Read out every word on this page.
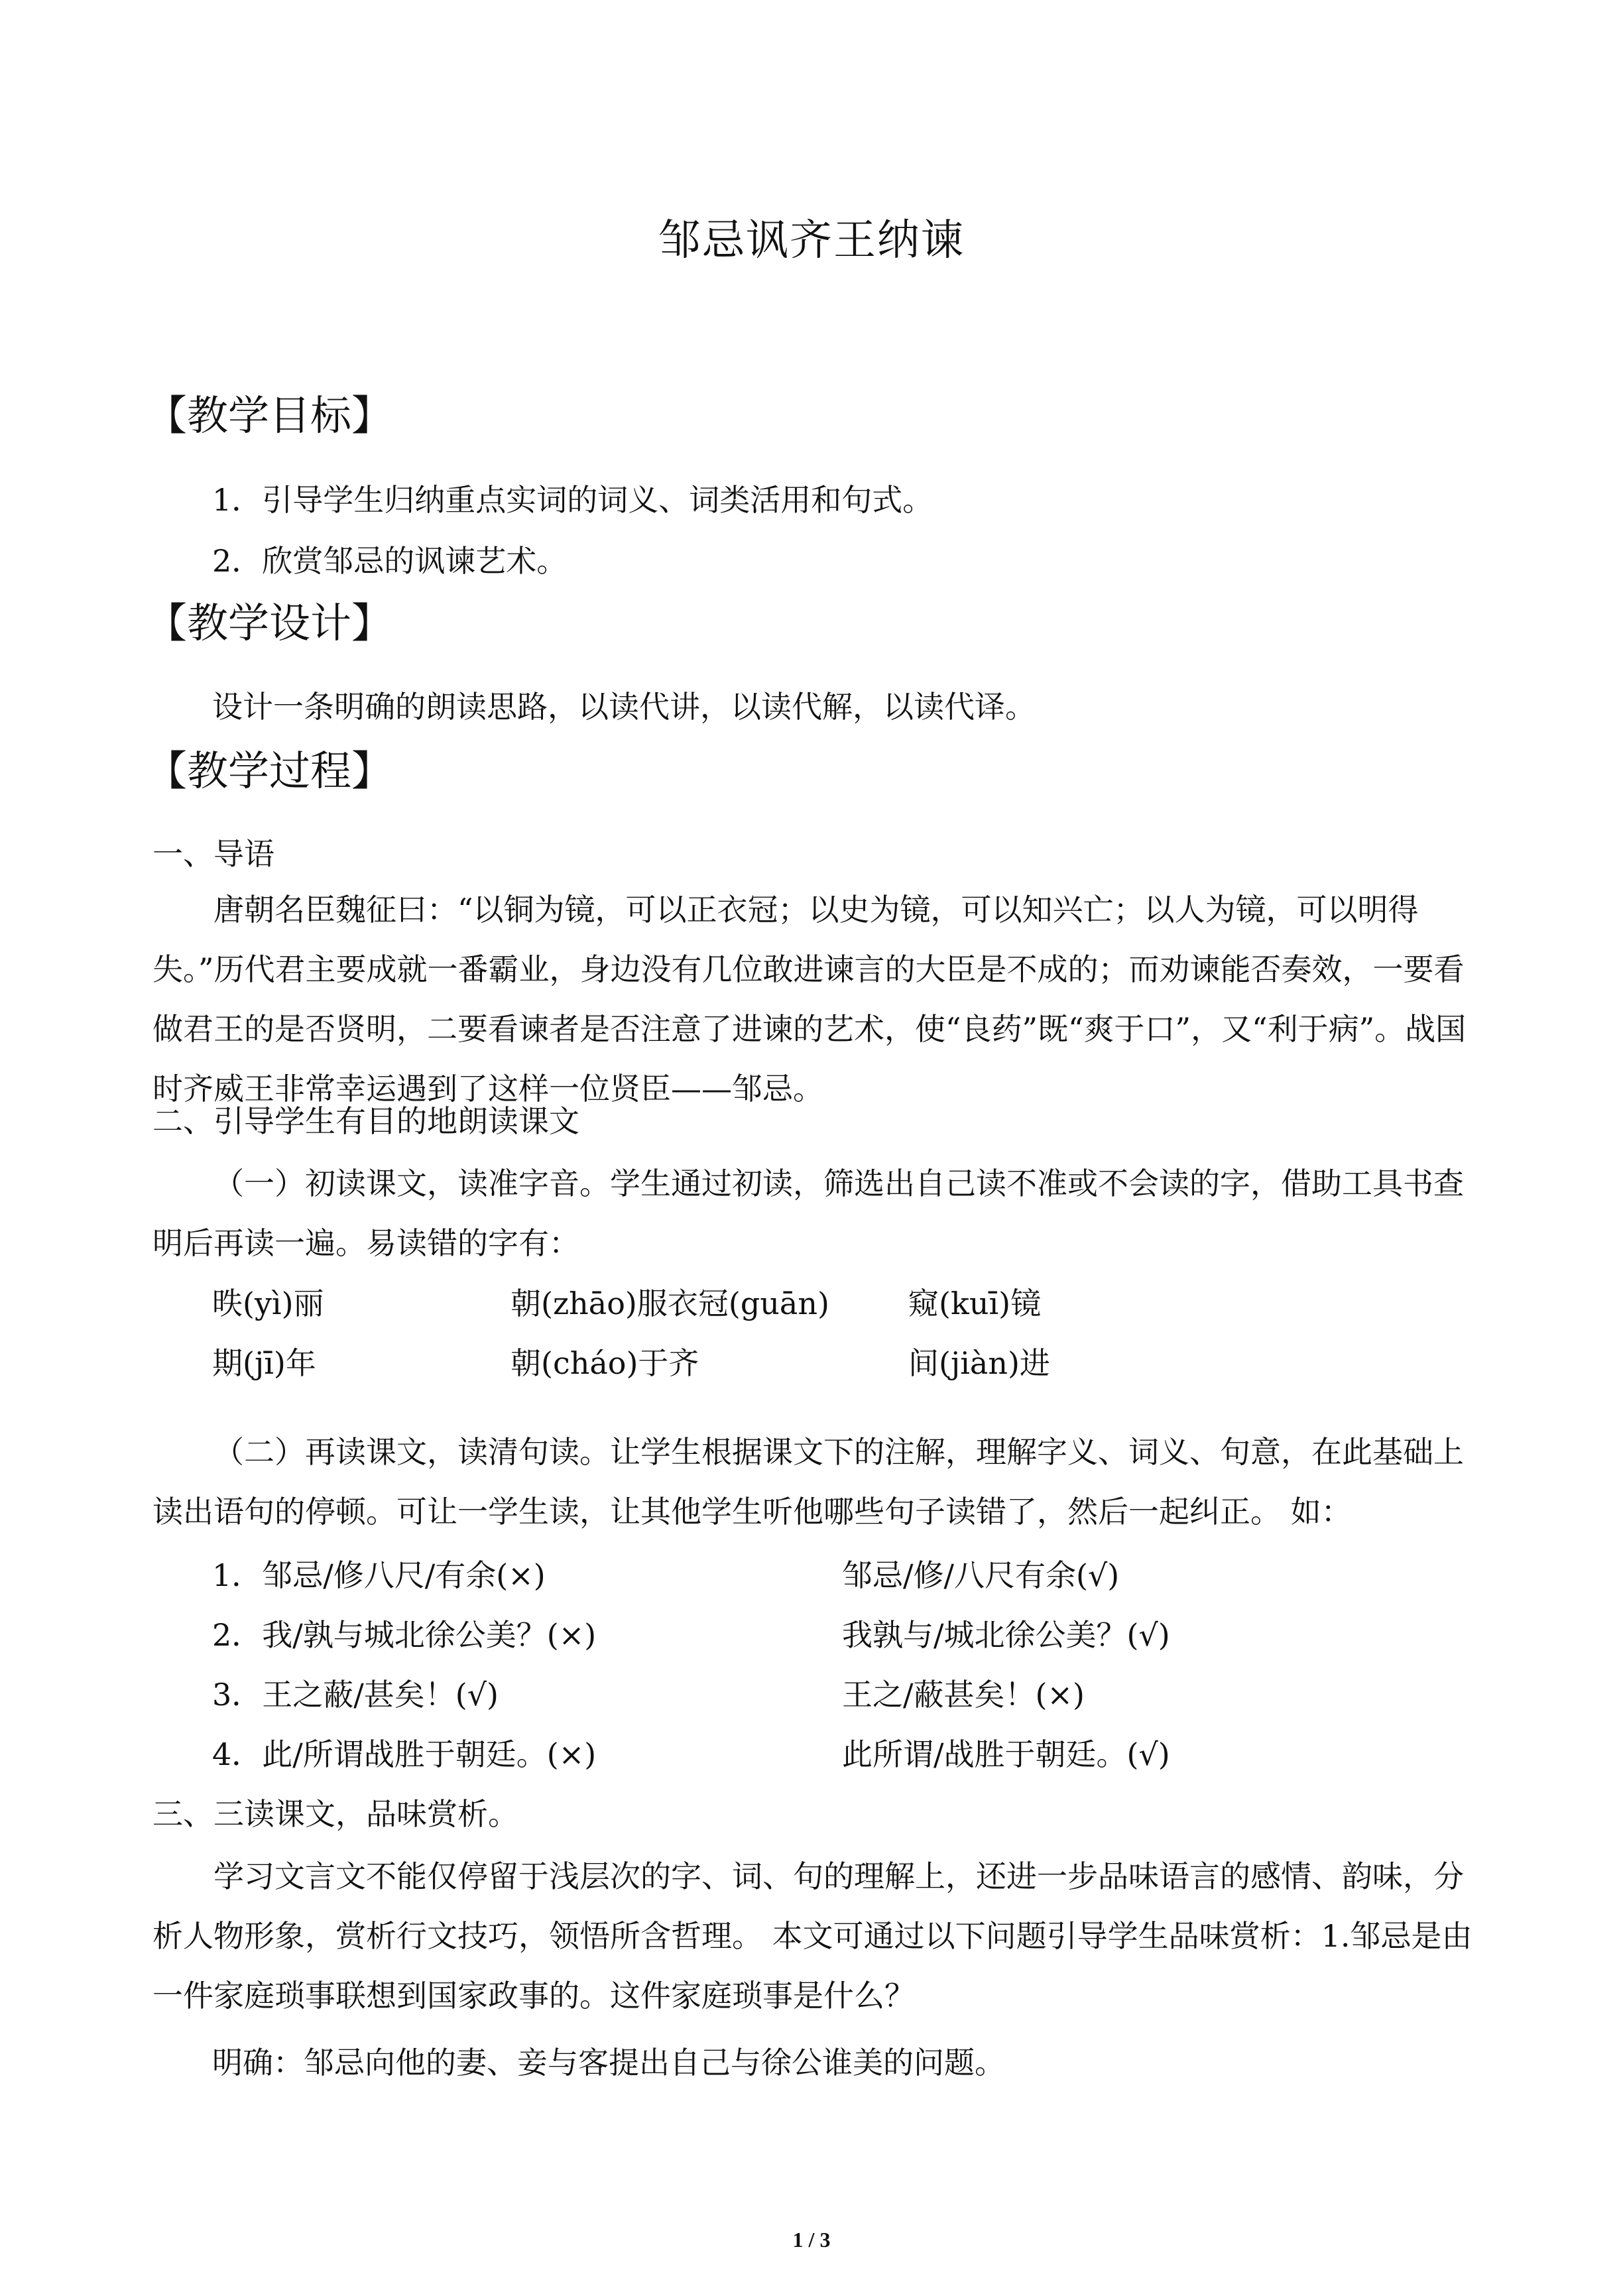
邹忌讽齐王纳谏
【教学目标】
1．引导学生归纳重点实词的词义、词类活用和句式。
2．欣赏邹忌的讽谏艺术。
【教学设计】
设计一条明确的朗读思路，以读代讲，以读代解，以读代译。
【教学过程】
一、导语
唐朝名臣魏征曰：“以铜为镜，可以正衣冠；以史为镜，可以知兴亡；以人为镜，可以明得失。”历代君主要成就一番霸业，身边没有几位敢进谏言的大臣是不成的；而劝谏能否奏效，一要看做君王的是否贤明，二要看谏者是否注意了进谏的艺术，使“良药”既“爽于口”，又“利于病”。战国时齐威王非常幸运遇到了这样一位贤臣——邹忌。
二、引导学生有目的地朗读课文
（一）初读课文，读准字音。学生通过初读，筛选出自己读不准或不会读的字，借助工具书查明后再读一遍。易读错的字有：
昳(yì)丽	朝(zhāo)服衣冠(guān)	窥(kuī)镜
期(jī)年	朝(cháo)于齐	间(jiàn)进
（二）再读课文，读清句读。让学生根据课文下的注解，理解字义、词义、句意，在此基础上读出语句的停顿。可让一学生读，让其他学生听他哪些句子读错了，然后一起纠正。 如：
1．邹忌/修八尺/有余(×)	邹忌/修/八尺有余(√)
2．我/孰与城北徐公美？(×)	我孰与/城北徐公美？(√)
3．王之蔽/甚矣！(√)	王之/蔽甚矣！(×)
4．此/所谓战胜于朝廷。(×)	此所谓/战胜于朝廷。(√)
三、三读课文，品味赏析。
学习文言文不能仅停留于浅层次的字、词、句的理解上，还进一步品味语言的感情、韵味，分析人物形象，赏析行文技巧，领悟所含哲理。 本文可通过以下问题引导学生品味赏析：1.邹忌是由一件家庭琐事联想到国家政事的。这件家庭琐事是什么？
明确：邹忌向他的妻、妾与客提出自己与徐公谁美的问题。
1 / 3
